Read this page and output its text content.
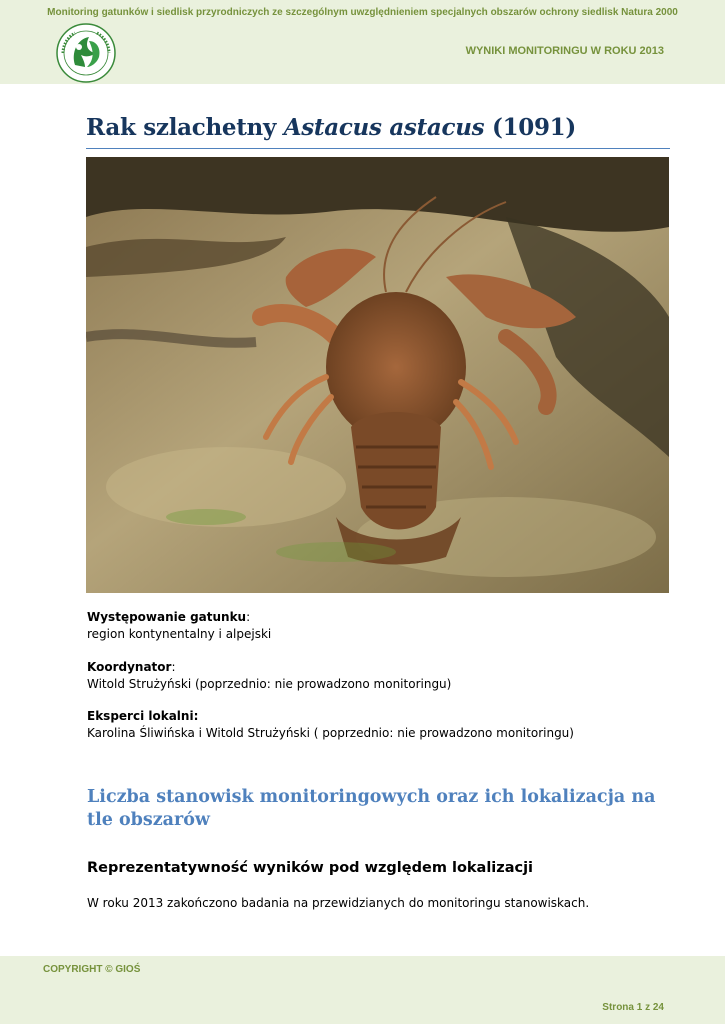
Monitoring gatunków i siedlisk przyrodniczych ze szczególnym uwzględnieniem specjalnych obszarów ochrony siedlisk Natura 2000
WYNIKI MONITORINGU W ROKU 2013
Rak szlachetny Astacus astacus (1091)
Występowanie gatunku:
region kontynentalny i alpejski
Koordynator:
Witold Strużyński (poprzednio: nie prowadzono monitoringu)
Eksperci lokalni:
Karolina Śliwińska i Witold Strużyński ( poprzednio: nie prowadzono monitoringu)
Liczba stanowisk monitoringowych oraz ich lokalizacja na tle obszarów
Reprezentatywność wyników pod względem lokalizacji

W roku 2013 zakończono badania na przewidzianych do monitoringu stanowiskach.

COPYRIGHT © GIOŚ
Strona 1 z 24
